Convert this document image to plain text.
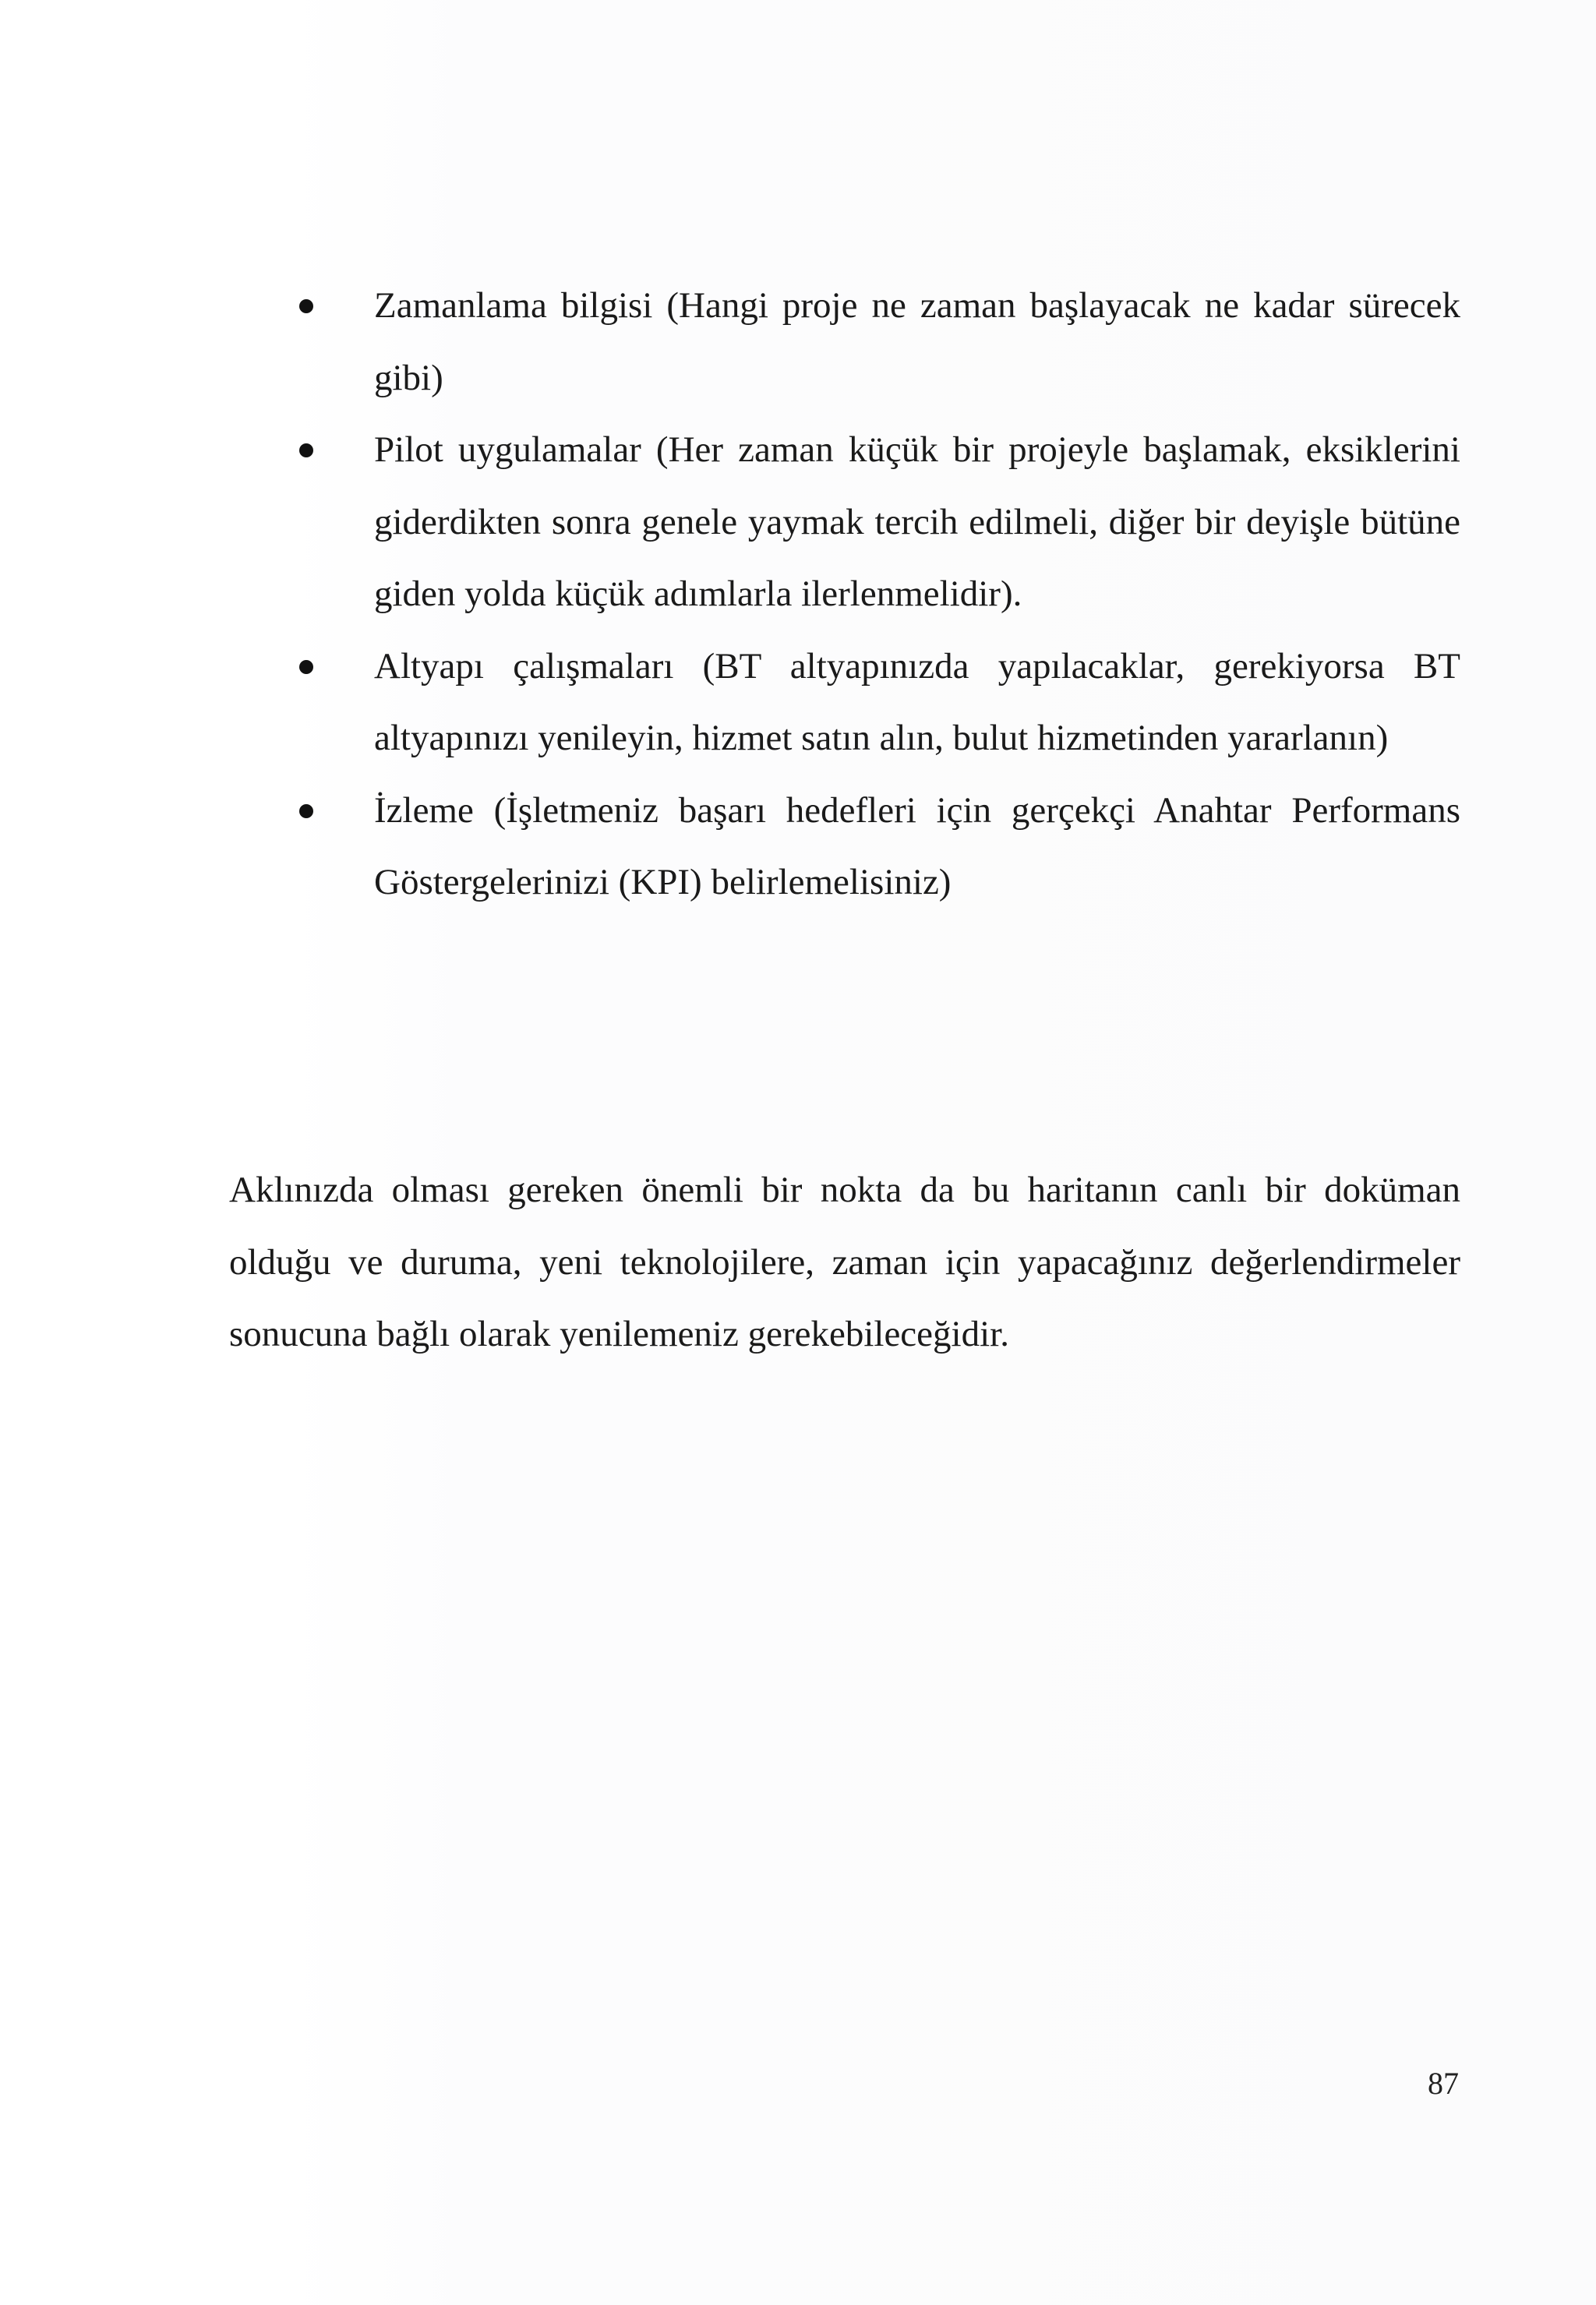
Zamanlama bilgisi (Hangi proje ne zaman başlayacak ne kadar sürecek gibi)
Pilot uygulamalar (Her zaman küçük bir projeyle başlamak, eksiklerini giderdikten sonra genele yaymak tercih edilmeli, diğer bir deyişle bütüne giden yolda küçük adımlarla ilerlenmelidir).
Altyapı çalışmaları (BT altyapınızda yapılacaklar, gerekiyorsa BT altyapınızı yenileyin, hizmet satın alın, bulut hizmetinden yararlanın)
İzleme (İşletmeniz başarı hedefleri için gerçekçi Anahtar Performans Göstergelerinizi (KPI) belirlemelisiniz)

Aklınızda olması gereken önemli bir nokta da bu haritanın canlı bir doküman olduğu ve duruma, yeni teknolojilere, zaman için yapacağınız değerlendirmeler sonucuna bağlı olarak yenilemeniz gerekebileceğidir.

87
